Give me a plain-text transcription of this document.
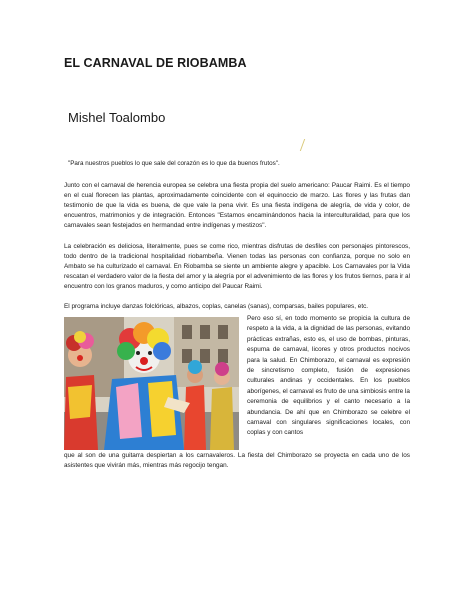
EL CARNAVAL DE RIOBAMBA
Mishel Toalombo

"Para nuestros pueblos lo que sale del corazón es lo que da buenos frutos".

Junto con el carnaval de herencia europea se celebra una fiesta propia del suelo americano: Paucar Raimi. Es el tiempo en el cual florecen las plantas, aproximadamente coincidente con el equinoccio de marzo. Las flores y las frutas dan testimonio de que la vida es buena, de que vale la pena vivir. Es una fiesta indígena de alegría, de vida y color, de encuentros, matrimonios y de integración. Entonces "Estamos encaminándonos hacia la interculturalidad, para que los carnavales sean festejados en hermandad entre indígenas y mestizos".

La celebración es deliciosa, literalmente, pues se come rico, mientras disfrutas de desfiles con personajes pintorescos, todo dentro de la tradicional hospitalidad riobambeña. Vienen todas las personas con confianza, porque no solo en Ambato se ha culturizado el carnaval. En Riobamba se siente un ambiente alegre y apacible. Los Carnavales por la Vida rescatan el verdadero valor de la fiesta del amor y la alegría por el advenimiento de las flores y los frutos tiernos, para ir al encuentro con los granos maduros, y como anticipo del Paucar Raimi.

El programa incluye danzas folclóricas, albazos, coplas, canelas (sanas), comparsas, bailes populares, etc.

Pero eso sí, en todo momento se propicia la cultura de respeto a la vida, a la dignidad de las personas, evitando prácticas extrañas, esto es, el uso de bombas, pinturas, espuma de carnaval, licores y otros productos nocivos para la salud. En Chimborazo, el carnaval es expresión de sincretismo completo, fusión de expresiones culturales andinas y occidentales. En los pueblos aborígenes, el carnaval es fruto de una simbiosis entre la ceremonia de equilibrios y el canto necesario a la abundancia. De ahí que en Chimborazo se celebre el carnaval con singulares significaciones locales, con coplas y con cantos

que al son de una guitarra despiertan a los carnavaleros. La fiesta del Chimborazo se proyecta en cada uno de los asistentes que vivirán más, mientras más regocijo tengan.
